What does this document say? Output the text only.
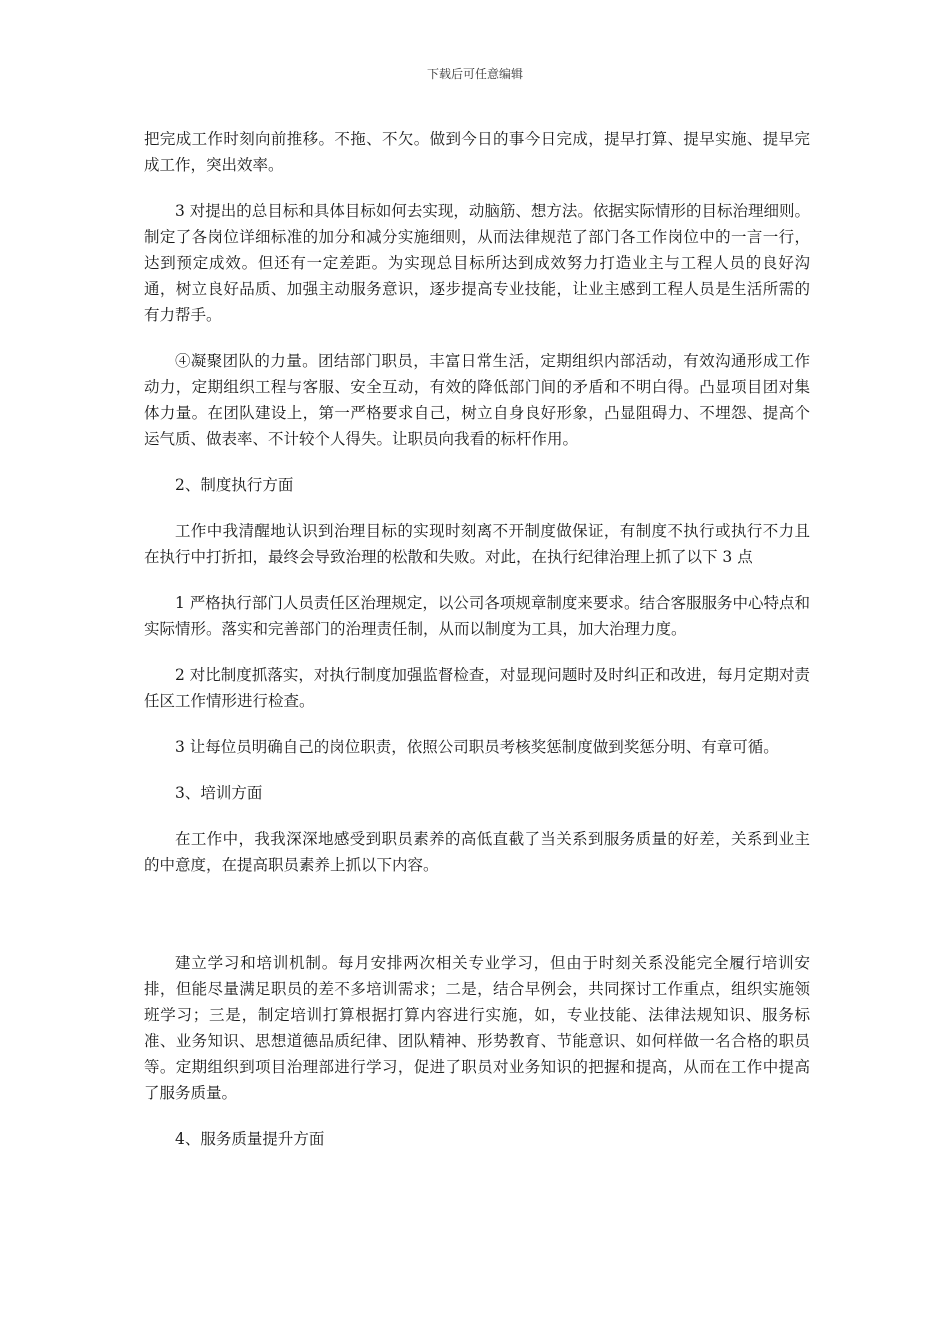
下载后可任意编辑

把完成工作时刻向前推移。不拖、不欠。做到今日的事今日完成，提早打算、提早实施、提早完成工作，突出效率。

3 对提出的总目标和具体目标如何去实现，动脑筋、想方法。依据实际情形的目标治理细则。制定了各岗位详细标准的加分和减分实施细则，从而法律规范了部门各工作岗位中的一言一行，达到预定成效。但还有一定差距。为实现总目标所达到成效努力打造业主与工程人员的良好沟通，树立良好品质、加强主动服务意识，逐步提高专业技能，让业主感到工程人员是生活所需的有力帮手。

④凝聚团队的力量。团结部门职员，丰富日常生活，定期组织内部活动，有效沟通形成工作动力，定期组织工程与客服、安全互动，有效的降低部门间的矛盾和不明白得。凸显项目团对集体力量。在团队建设上，第一严格要求自己，树立自身良好形象，凸显阻碍力、不埋怨、提高个运气质、做表率、不计较个人得失。让职员向我看的标杆作用。

2、制度执行方面

工作中我清醒地认识到治理目标的实现时刻离不开制度做保证，有制度不执行或执行不力且在执行中打折扣，最终会导致治理的松散和失败。对此，在执行纪律治理上抓了以下 3 点

1 严格执行部门人员责任区治理规定，以公司各项规章制度来要求。结合客服服务中心特点和实际情形。落实和完善部门的治理责任制，从而以制度为工具，加大治理力度。

2 对比制度抓落实，对执行制度加强监督检查，对显现问题时及时纠正和改进，每月定期对责任区工作情形进行检查。

3 让每位员明确自己的岗位职责，依照公司职员考核奖惩制度做到奖惩分明、有章可循。

3、培训方面

在工作中，我我深深地感受到职员素养的高低直截了当关系到服务质量的好差，关系到业主的中意度，在提高职员素养上抓以下内容。

建立学习和培训机制。每月安排两次相关专业学习，但由于时刻关系没能完全履行培训安排，但能尽量满足职员的差不多培训需求；二是，结合早例会，共同探讨工作重点，组织实施领班学习；三是，制定培训打算根据打算内容进行实施，如，专业技能、法律法规知识、服务标准、业务知识、思想道德品质纪律、团队精神、形势教育、节能意识、如何样做一名合格的职员等。定期组织到项目治理部进行学习，促进了职员对业务知识的把握和提高，从而在工作中提高了服务质量。

4、服务质量提升方面
